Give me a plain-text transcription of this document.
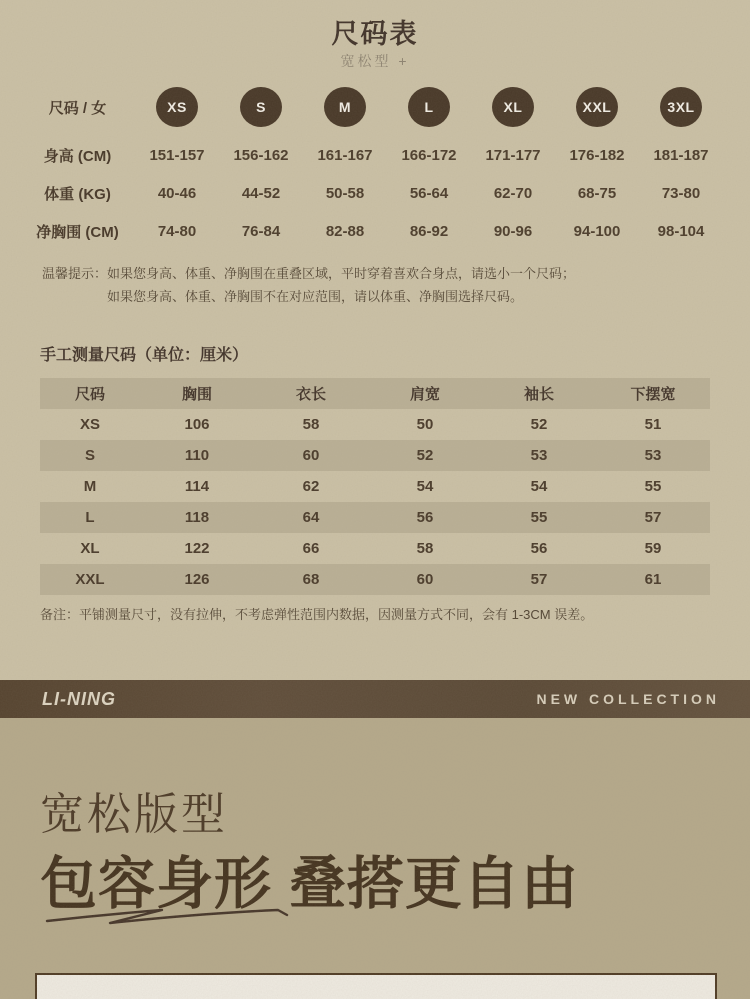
尺码表
宽松型 +
尺码 / 女	XS	S	M	L	XL	XXL	3XL
身高 (CM)	151-157	156-162	161-167	166-172	171-177	176-182	181-187
体重 (KG)	40-46	44-52	50-58	56-64	62-70	68-75	73-80
净胸围 (CM)	74-80	76-84	82-88	86-92	90-96	94-100	98-104
温馨提示： 如果您身高、体重、净胸围在重叠区域，平时穿着喜欢合身点，请选小一个尺码；
如果您身高、体重、净胸围不在对应范围，请以体重、净胸围选择尺码。
手工测量尺码（单位：厘米）
尺码	胸围	衣长	肩宽	袖长	下摆宽
XS	106	58	50	52	51
S	110	60	52	53	53
M	114	62	54	54	55
L	118	64	56	55	57
XL	122	66	58	56	59
XXL	126	68	60	57	61
备注：平铺测量尺寸，没有拉伸，不考虑弹性范围内数据，因测量方式不同，会有 1-3CM 误差。
LI-NING	NEW COLLECTION
宽松版型
包容身形 叠搭更自由
